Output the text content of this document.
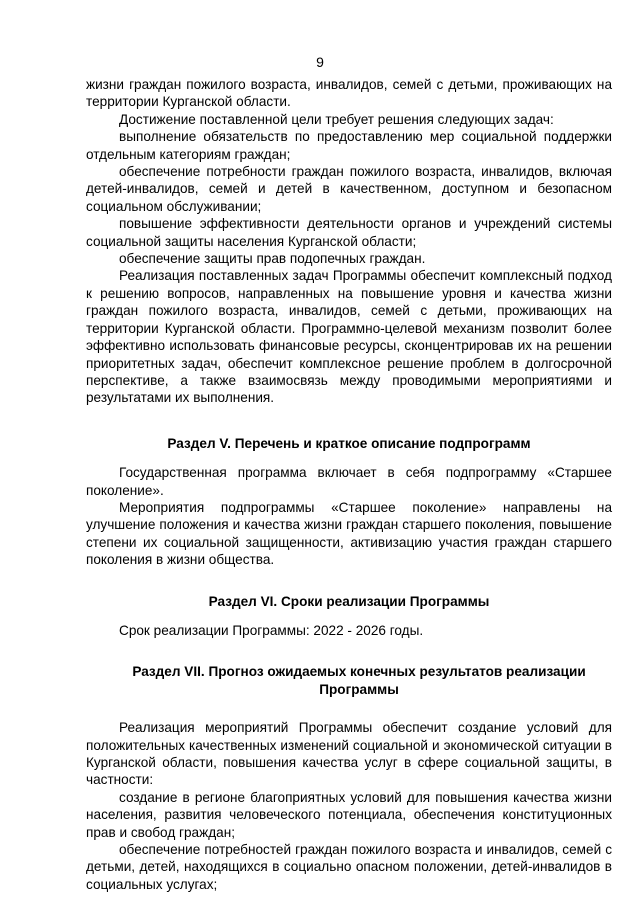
9

жизни граждан пожилого возраста, инвалидов, семей с детьми, проживающих на территории Курганской области.

Достижение поставленной цели требует решения следующих задач:

выполнение обязательств по предоставлению мер социальной поддержки отдельным категориям граждан;

обеспечение потребности граждан пожилого возраста, инвалидов, включая детей-инвалидов, семей и детей в качественном, доступном и безопасном социальном обслуживании;

повышение эффективности деятельности органов и учреждений системы социальной защиты населения Курганской области;

обеспечение защиты прав подопечных граждан.

Реализация поставленных задач Программы обеспечит комплексный подход к решению вопросов, направленных на повышение уровня и качества жизни граждан пожилого возраста, инвалидов, семей с детьми, проживающих на территории Курганской области. Программно-целевой механизм позволит более эффективно использовать финансовые ресурсы, сконцентрировав их на решении приоритетных задач, обеспечит комплексное решение проблем в долгосрочной перспективе, а также взаимосвязь между проводимыми мероприятиями и результатами их выполнения.

Раздел V. Перечень и краткое описание подпрограмм

Государственная программа включает в себя подпрограмму «Старшее поколение».

Мероприятия подпрограммы «Старшее поколение» направлены на улучшение положения и качества жизни граждан старшего поколения, повышение степени их социальной защищенности, активизацию участия граждан старшего поколения в жизни общества.

Раздел VI. Сроки реализации Программы

Срок реализации Программы: 2022 - 2026 годы.

Раздел VII. Прогноз ожидаемых конечных результатов реализации Программы

Реализация мероприятий Программы обеспечит создание условий для положительных качественных изменений социальной и экономической ситуации в Курганской области, повышения качества услуг в сфере социальной защиты, в частности:

создание в регионе благоприятных условий для повышения качества жизни населения, развития человеческого потенциала, обеспечения конституционных прав и свобод граждан;

обеспечение потребностей граждан пожилого возраста и инвалидов, семей с детьми, детей, находящихся в социально опасном положении, детей-инвалидов в социальных услугах;
